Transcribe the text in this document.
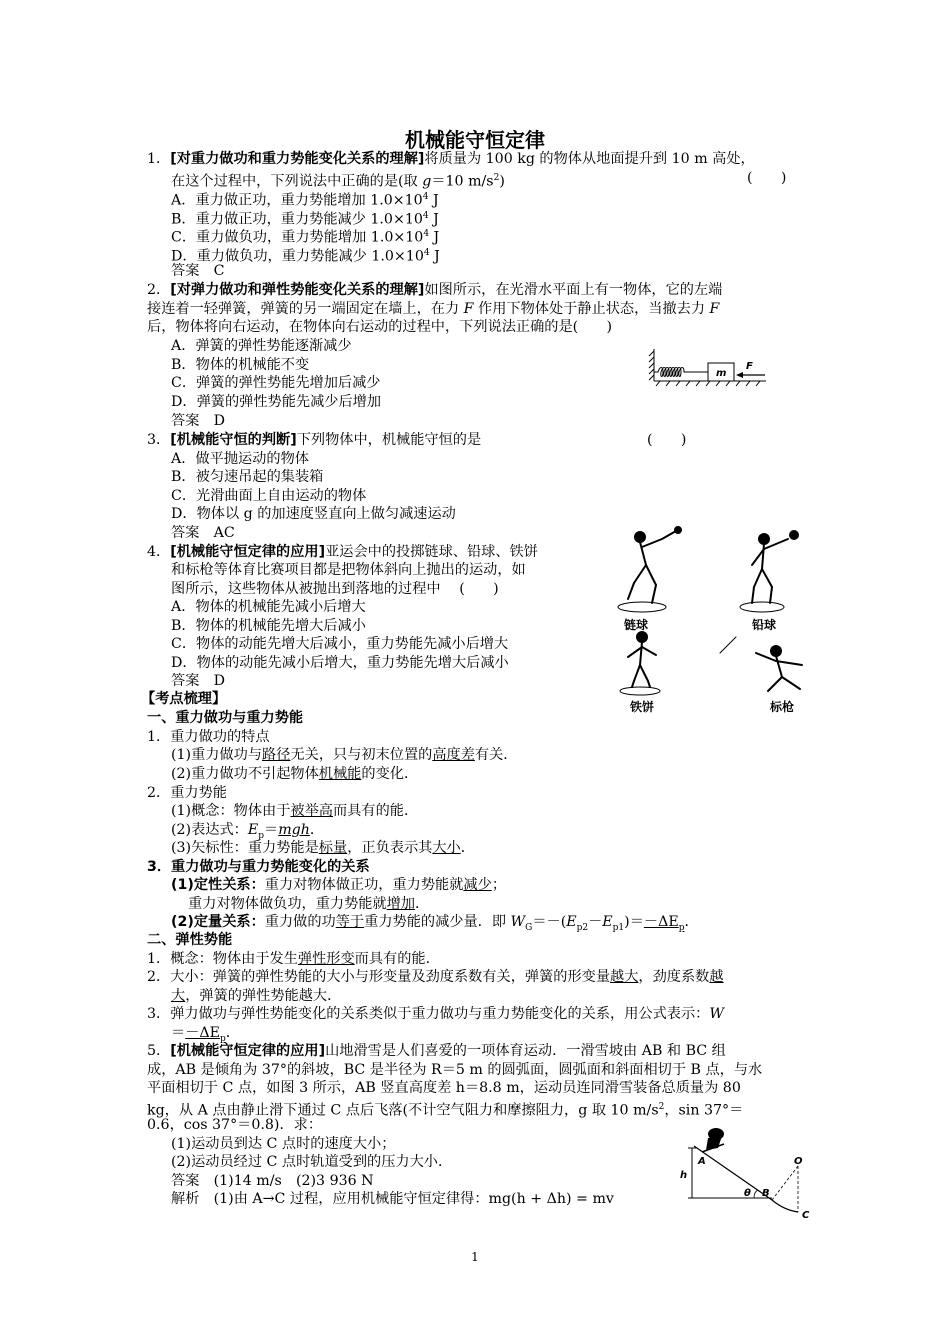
机械能守恒定律
1．[对重力做功和重力势能变化关系的理解]将质量为 100 kg 的物体从地面提升到 10 m 高处，
在这个过程中，下列说法中正确的是(取 g＝10 $m/s^2$)	(　　)
A．重力做正功，重力势能增加 $1.0\times 10^4$ J
B．重力做正功，重力势能减少 $1.0\times 10^4$ J
C．重力做负功，重力势能增加 $1.0\times 10^4$ J
D．重力做负功，重力势能减少 $1.0\times 10^4$ J
答案　 C
2．[对弹力做功和弹性势能变化关系的理解]如图所示，在光滑水平面上有一物体，它的左端
接连着一轻弹簧，弹簧的另一端固定在墙上，在力 F 作用下物体处于静止状态，当撤去力 F
后，物体将向右运动，在物体向右运动的过程中，下列说法正确的是(　　)
A．弹簧的弹性势能逐渐减少
B．物体的机械能不变
C．弹簧的弹性势能先增加后减少
D．弹簧的弹性势能先减少后增加
答案　 D
m
F
3．[机械能守恒的判断]下列物体中，机械能守恒的是	(　　)
A．做平抛运动的物体
B．被匀速吊起的集装箱
C．光滑曲面上自由运动的物体
D．物体以 g 的加速度竖直向上做匀减速运动
答案　 AC
4．[机械能守恒定律的应用]亚运会中的投掷链球、铅球、铁饼
和标枪等体育比赛项目都是把物体斜向上抛出的运动，如
图所示，这些物体从被抛出到落地的过程中　 (　　)
A．物体的机械能先减小后增大
B．物体的机械能先增大后减小
C．物体的动能先增大后减小，重力势能先减小后增大
D．物体的动能先减小后增大，重力势能先增大后减小
答案　 D
链球	铅球
铁饼	标枪
【考点梳理】
一、重力做功与重力势能
1．重力做功的特点
(1)重力做功与路径无关，只与初末位置的高度差有关．
(2)重力做功不引起物体机械能的变化．
2．重力势能
(1)概念：物体由于被举高而具有的能．
(2)表达式：$E_p=mgh$．
(3)矢标性：重力势能是标量，正负表示其大小．
3．重力做功与重力势能变化的关系
(1)定性关系：重力对物体做正功，重力势能就减少；
重力对物体做负功，重力势能就增加．
(2)定量关系：重力做的功等于重力势能的减少量．即 $W_G=-(E_{p2}-E_{p1})=-\Delta E_p$．
二、弹性势能
1．概念：物体由于发生弹性形变而具有的能．
2．大小：弹簧的弹性势能的大小与形变量及劲度系数有关，弹簧的形变量越大，劲度系数越
大，弹簧的弹性势能越大．
3．弹力做功与弹性势能变化的关系类似于重力做功与重力势能变化的关系，用公式表示：W
$=-\Delta E_p$．
5．[机械能守恒定律的应用]山地滑雪是人们喜爱的一项体育运动．一滑雪坡由 AB 和 BC 组
成，AB 是倾角为 37°的斜坡，BC 是半径为 R＝5 m 的圆弧面，圆弧面和斜面相切于 B 点，与水
平面相切于 C 点，如图 3 所示，AB 竖直高度差 h＝8.8 m，运动员连同滑雪装备总质量为 80
kg，从 A 点由静止滑下通过 C 点后飞落(不计空气阻力和摩擦阻力，g 取 10 $m/s^2$，sin 37°＝
0.6，cos 37°＝0.8)．求：
(1)运动员到达 C 点时的速度大小；
(2)运动员经过 C 点时轨道受到的压力大小．
答案　 (1)14 m/s　(2)3 936 N
解析　 (1)由 A→C 过程，应用机械能守恒定律得：mg(h + Δh) = mv
A
h
θ B
O
C
1
